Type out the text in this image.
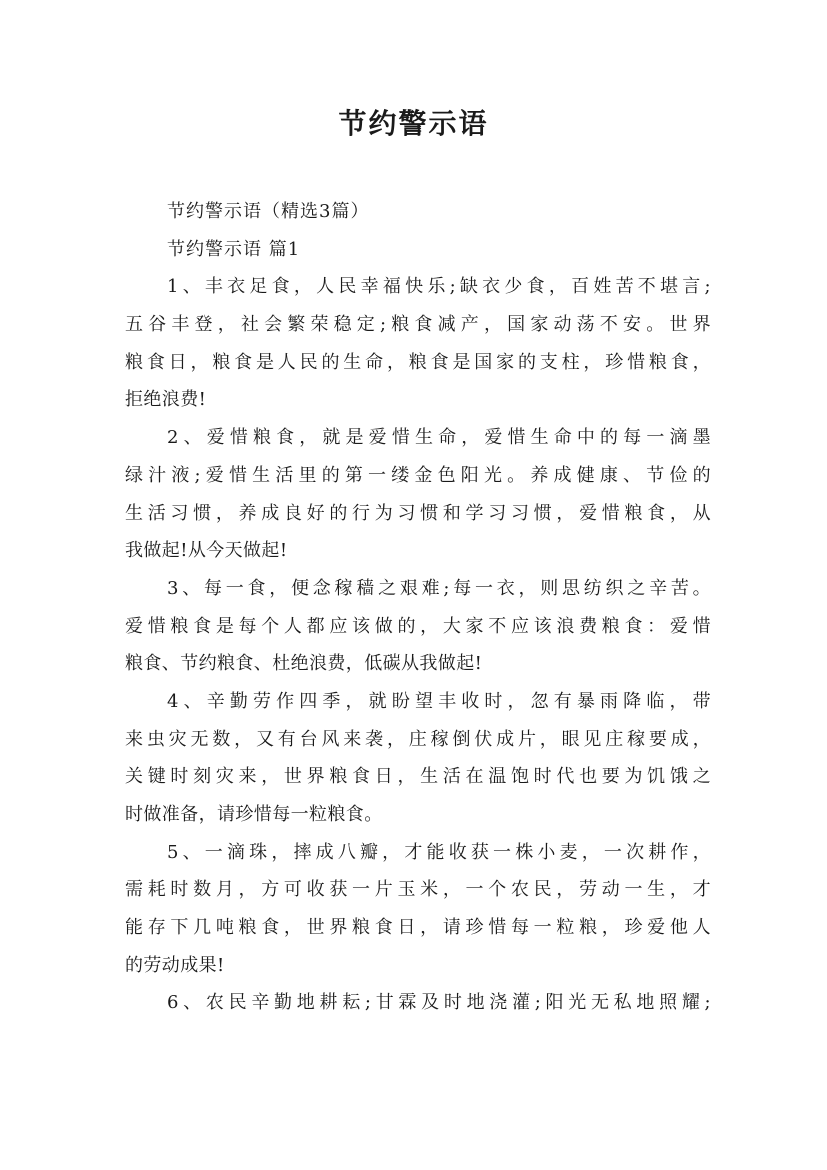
节约警示语
节约警示语（精选3篇）
节约警示语 篇1
1、丰衣足食，人民幸福快乐;缺衣少食，百姓苦不堪言;
五谷丰登，社会繁荣稳定;粮食减产，国家动荡不安。世界
粮食日，粮食是人民的生命，粮食是国家的支柱，珍惜粮食，
拒绝浪费!
2、爱惜粮食，就是爱惜生命，爱惜生命中的每一滴墨
绿汁液;爱惜生活里的第一缕金色阳光。养成健康、节俭的
生活习惯，养成良好的行为习惯和学习习惯，爱惜粮食，从
我做起!从今天做起!
3、每一食，便念稼穑之艰难;每一衣，则思纺织之辛苦。
爱惜粮食是每个人都应该做的，大家不应该浪费粮食：爱惜
粮食、节约粮食、杜绝浪费，低碳从我做起!
4、辛勤劳作四季，就盼望丰收时，忽有暴雨降临，带
来虫灾无数，又有台风来袭，庄稼倒伏成片，眼见庄稼要成，
关键时刻灾来，世界粮食日，生活在温饱时代也要为饥饿之
时做准备，请珍惜每一粒粮食。
5、一滴珠，摔成八瓣，才能收获一株小麦，一次耕作，
需耗时数月，方可收获一片玉米，一个农民，劳动一生，才
能存下几吨粮食，世界粮食日，请珍惜每一粒粮，珍爱他人
的劳动成果!
6、农民辛勤地耕耘;甘霖及时地浇灌;阳光无私地照耀;
